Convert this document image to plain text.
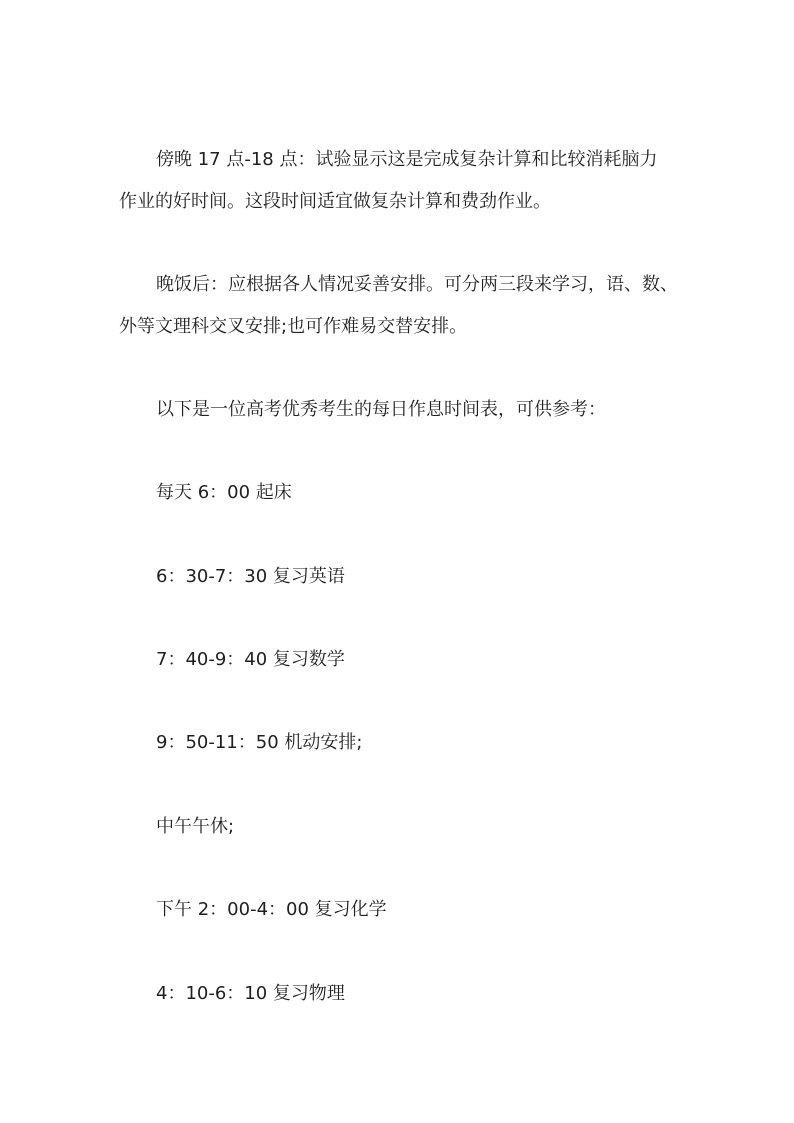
傍晚 17 点-18 点：试验显示这是完成复杂计算和比较消耗脑力
作业的好时间。这段时间适宜做复杂计算和费劲作业。
晚饭后：应根据各人情况妥善安排。可分两三段来学习，语、数、
外等文理科交叉安排;也可作难易交替安排。
以下是一位高考优秀考生的每日作息时间表，可供参考：
每天 6：00 起床
6：30-7：30 复习英语
7：40-9：40 复习数学
9：50-11：50 机动安排;
中午午休;
下午 2：00-4：00 复习化学
4：10-6：10 复习物理
